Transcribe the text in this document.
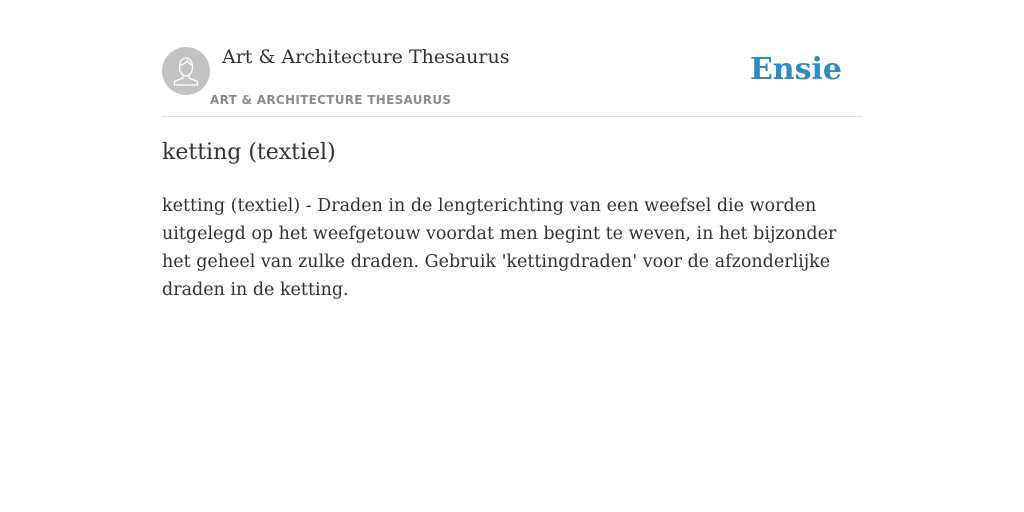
Art & Architecture Thesaurus
ART & ARCHITECTURE THESAURUS
Ensie
ketting (textiel)

ketting (textiel) - Draden in de lengterichting van een weefsel die worden uitgelegd op het weefgetouw voordat men begint te weven, in het bijzonder het geheel van zulke draden. Gebruik 'kettingdraden' voor de afzonderlijke draden in de ketting.
